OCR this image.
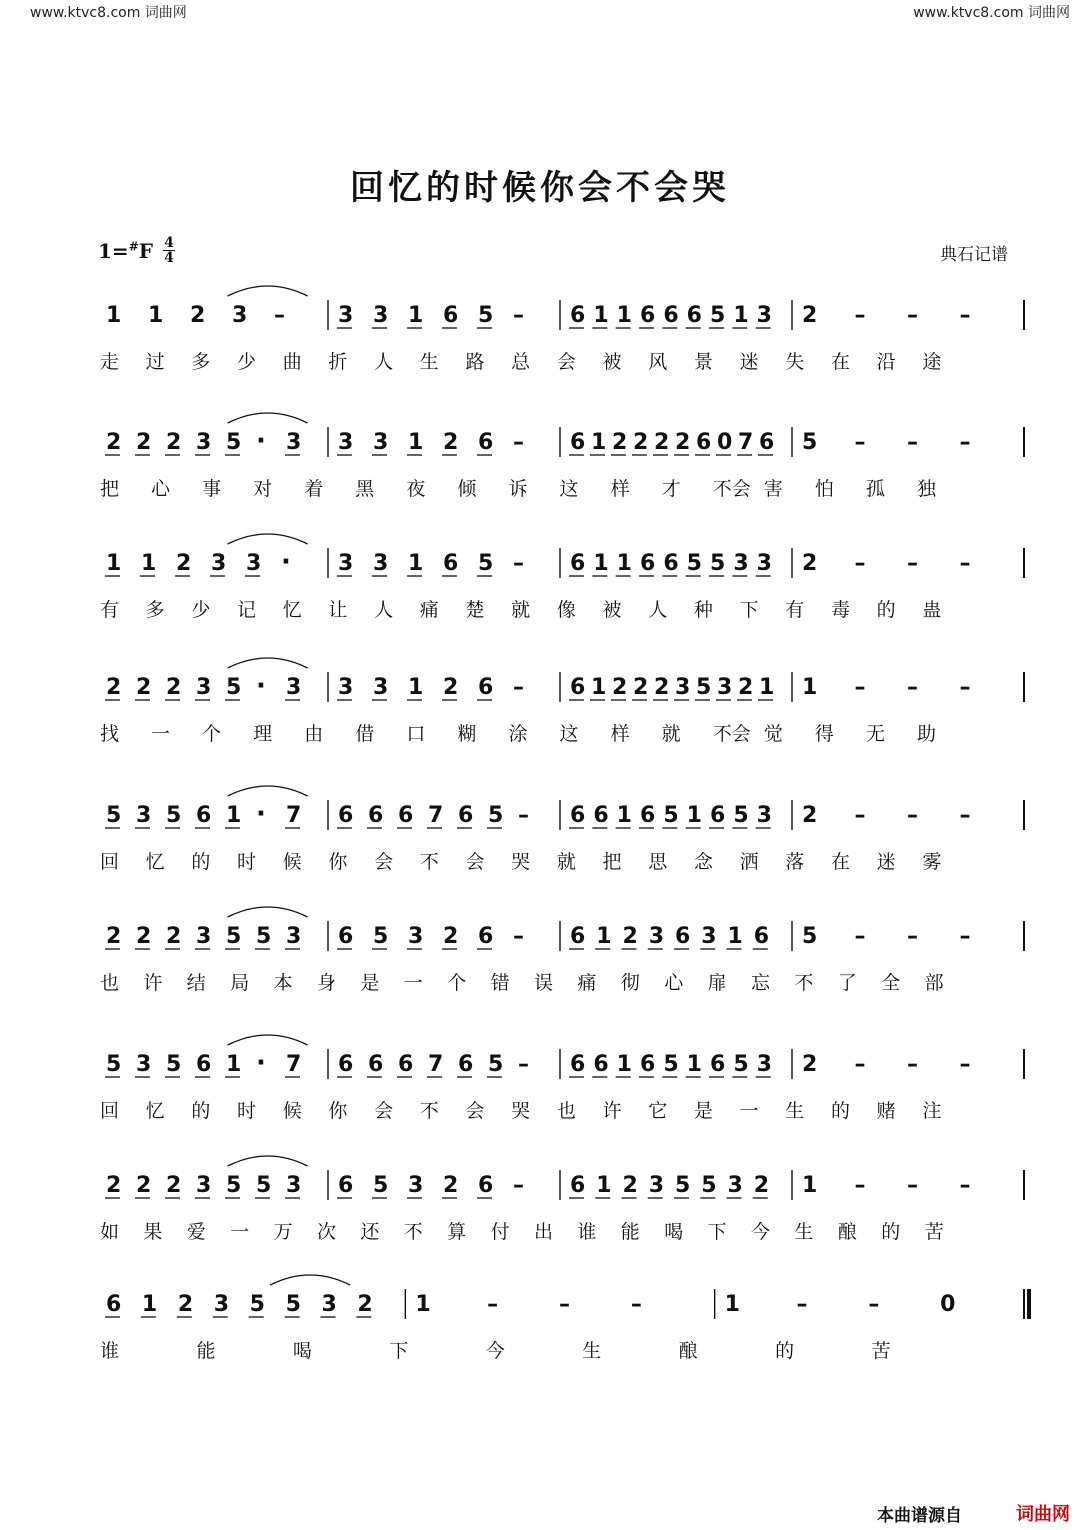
www.ktvc8.com 词曲网	www.ktvc8.com 词曲网
回忆的时候你会不会哭
1=#F 4
4	典石记谱
1 1 2 3 – 3 3 1 6 5 – 6 1 1 6 6 6 5 1 3 2 – – –
走 过 多 少 曲 折 人 生 路 总 会 被 风 景 迷 失 在 沿 途
2 2 2 3 5 · 3 3 3 1 2 6 – 6 1 2 2 2 2 6 0 7 6 5 – – –
把 心 事 对 着 黑 夜 倾 诉 这 样 才 不会 害 怕 孤 独
1 1 2 3 3 · 3 3 1 6 5 – 6 1 1 6 6 5 5 3 3 2 – – –
有 多 少 记 忆 让 人 痛 楚 就 像 被 人 种 下 有 毒 的 蛊
2 2 2 3 5 · 3 3 3 1 2 6 – 6 1 2 2 2 3 5 3 2 1 1 – – –
找 一 个 理 由 借 口 糊 涂 这 样 就 不会 觉 得 无 助
5 3 5 6 1 · 7 6 6 6 7 6 5 – 6 6 1 6 5 1 6 5 3 2 – – –
回 忆 的 时 候 你 会 不 会 哭 就 把 思 念 洒 落 在 迷 雾
2 2 2 3 5 5 3 6 5 3 2 6 – 6 1 2 3 6 3 1 6 5 – – –
也 许 结 局 本 身 是 一 个 错 误 痛 彻 心 扉 忘 不 了 全 部
5 3 5 6 1 · 7 6 6 6 7 6 5 – 6 6 1 6 5 1 6 5 3 2 – – –
回 忆 的 时 候 你 会 不 会 哭 也 许 它 是 一 生 的 赌 注
2 2 2 3 5 5 3 6 5 3 2 6 – 6 1 2 3 5 5 3 2 1 – – –
如 果 爱 一 万 次 还 不 算 付 出 谁 能 喝 下 今 生 酿 的 苦
6 1 2 3 5 5 3 2 1	–	–	–	1	–	–	0
谁	能	喝	下	今	生	酿	的	苦
本曲谱源自	词曲网
